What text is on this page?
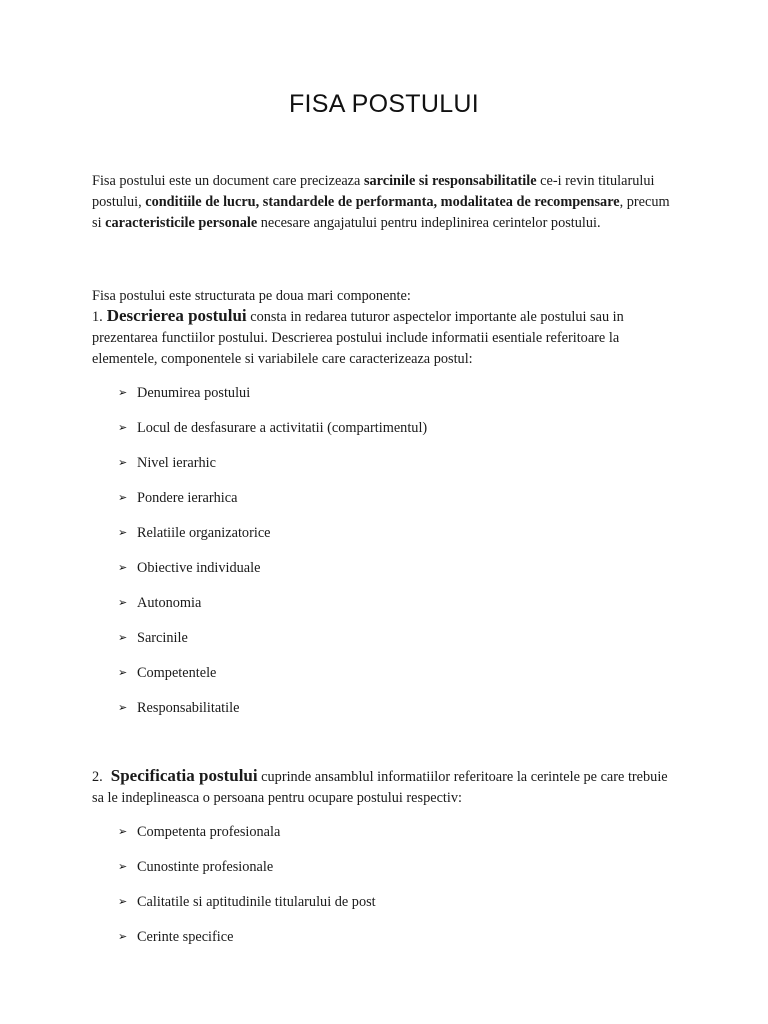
FISA POSTULUI

Fisa postului este un document care precizeaza sarcinile si responsabilitatile ce-i revin titularului postului, conditiile de lucru, standardele de performanta, modalitatea de recompensare, precum si caracteristicile personale necesare angajatului pentru indeplinirea cerintelor postului.

Fisa postului este structurata pe doua mari componente:

1. Descrierea postului consta in redarea tuturor aspectelor importante ale postului sau in prezentarea functiilor postului. Descrierea postului include informatii esentiale referitoare la elementele, componentele si variabilele care caracterizeaza postul:

➢ Denumirea postului
➢ Locul de desfasurare a activitatii (compartimentul)
➢ Nivel ierarhic
➢ Pondere ierarhica
➢ Relatiile organizatorice
➢ Obiective individuale
➢ Autonomia
➢ Sarcinile
➢ Competentele
➢ Responsabilitatile

2. Specificatia postului cuprinde ansamblul informatiilor referitoare la cerintele pe care trebuie sa le indeplineasca o persoana pentru ocupare postului respectiv:

➢ Competenta profesionala
➢ Cunostinte profesionale
➢ Calitatile si aptitudinile titularului de post
➢ Cerinte specifice
